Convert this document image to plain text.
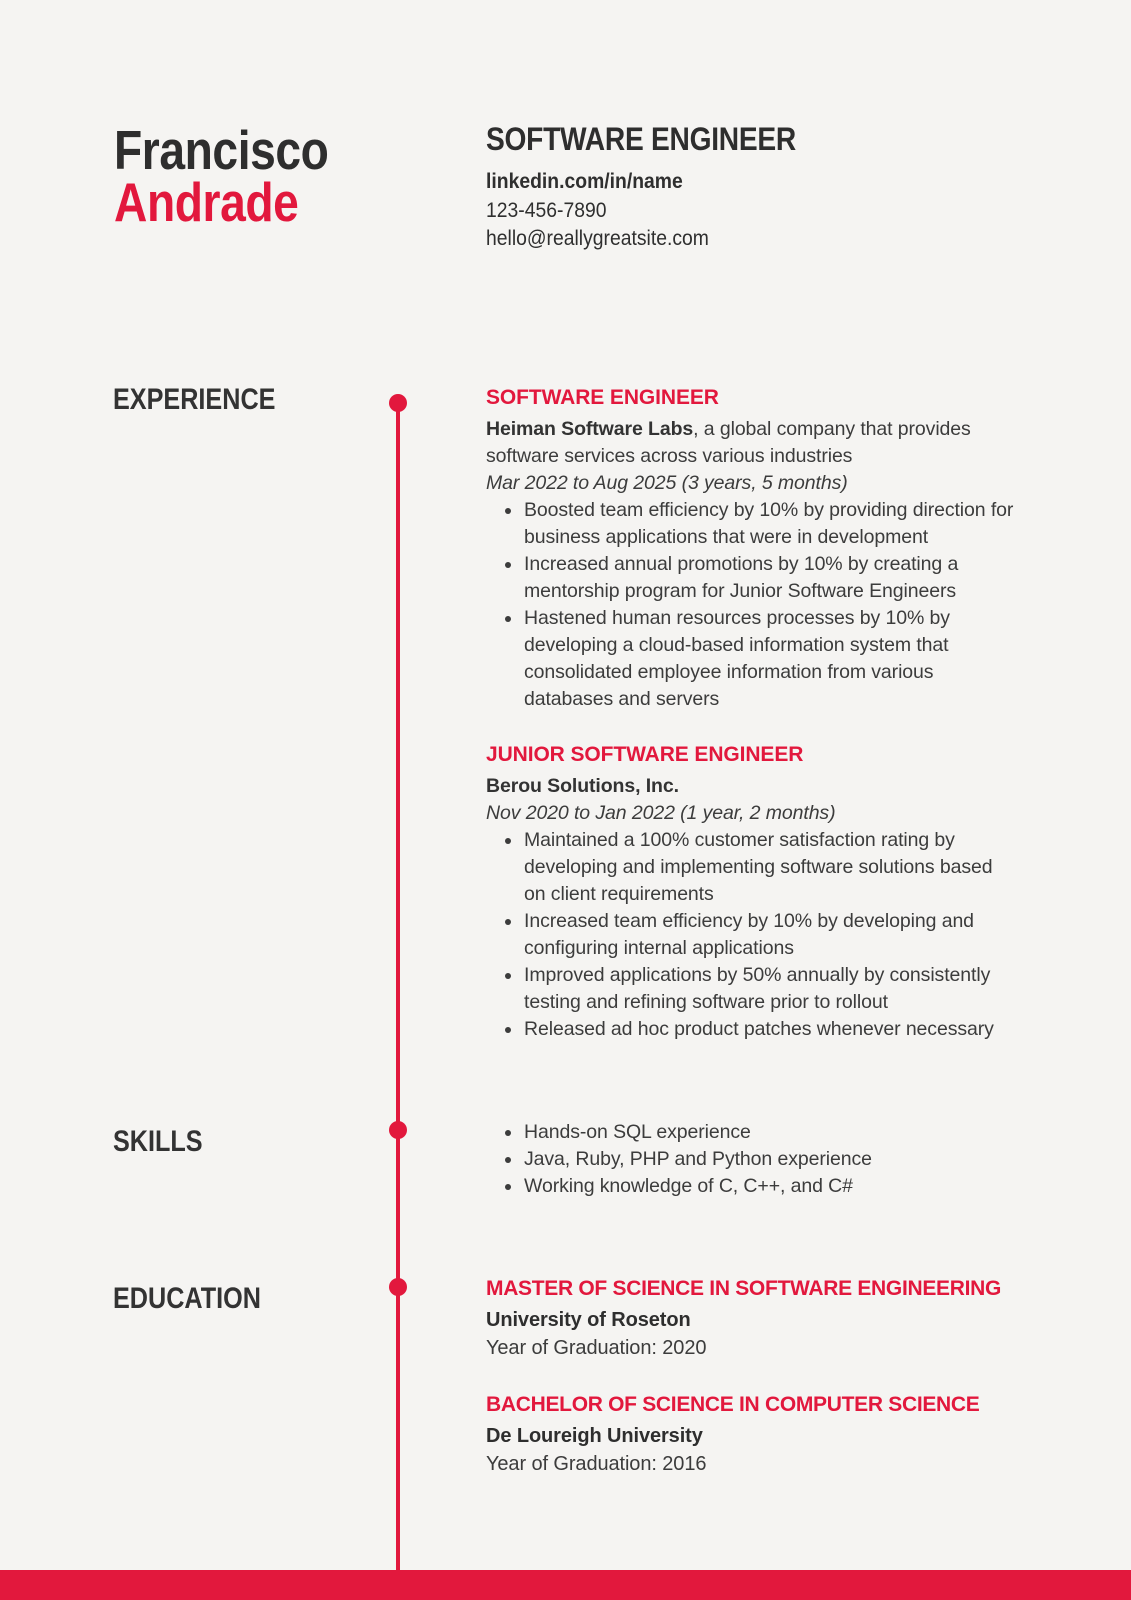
Francisco
Andrade
SOFTWARE ENGINEER
linkedin.com/in/name
123-456-7890
hello@reallygreatsite.com
EXPERIENCE
SKILLS
EDUCATION
SOFTWARE ENGINEER
Heiman Software Labs, a global company that provides software services across various industries
Mar 2022 to Aug 2025 (3 years, 5 months)
• Boosted team efficiency by 10% by providing direction for business applications that were in development
• Increased annual promotions by 10% by creating a mentorship program for Junior Software Engineers
• Hastened human resources processes by 10% by developing a cloud-based information system that consolidated employee information from various databases and servers
JUNIOR SOFTWARE ENGINEER
Berou Solutions, Inc.
Nov 2020 to Jan 2022 (1 year, 2 months)
• Maintained a 100% customer satisfaction rating by developing and implementing software solutions based on client requirements
• Increased team efficiency by 10% by developing and configuring internal applications
• Improved applications by 50% annually by consistently testing and refining software prior to rollout
• Released ad hoc product patches whenever necessary
• Hands-on SQL experience
• Java, Ruby, PHP and Python experience
• Working knowledge of C, C++, and C#
MASTER OF SCIENCE IN SOFTWARE ENGINEERING
University of Roseton
Year of Graduation: 2020
BACHELOR OF SCIENCE IN COMPUTER SCIENCE
De Loureigh University
Year of Graduation: 2016
